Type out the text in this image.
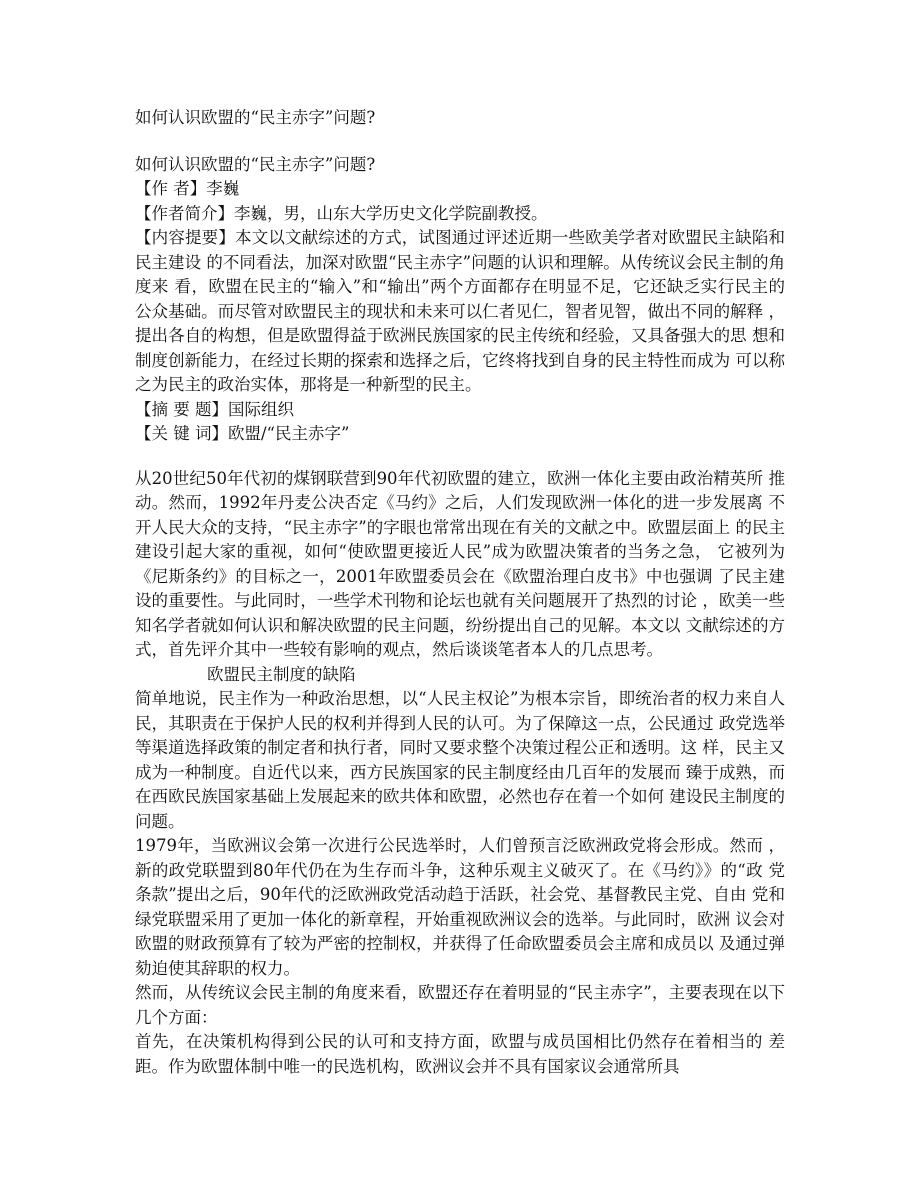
如何认识欧盟的“民主赤字”问题?

如何认识欧盟的“民主赤字”问题?

【作 者】李巍

【作者简介】李巍，男，山东大学历史文化学院副教授。

【内容提要】本文以文献综述的方式，试图通过评述近期一些欧美学者对欧盟民主缺陷和民主建设 的不同看法，加深对欧盟“民主赤字”问题的认识和理解。从传统议会民主制的角度来 看，欧盟在民主的“输入”和“输出”两个方面都存在明显不足，它还缺乏实行民主的 公众基础。而尽管对欧盟民主的现状和未来可以仁者见仁，智者见智，做出不同的解释 ，提出各自的构想，但是欧盟得益于欧洲民族国家的民主传统和经验，又具备强大的思 想和制度创新能力，在经过长期的探索和选择之后，它终将找到自身的民主特性而成为 可以称之为民主的政治实体，那将是一种新型的民主。

【摘 要 题】国际组织

【关 键 词】欧盟/“民主赤字”

从20世纪50年代初的煤钢联营到90年代初欧盟的建立，欧洲一体化主要由政治精英所 推动。然而，1992年丹麦公决否定《马约》之后，人们发现欧洲一体化的进一步发展离 不开人民大众的支持，“民主赤字”的字眼也常常出现在有关的文献之中。欧盟层面上 的民主建设引起大家的重视，如何“使欧盟更接近人民”成为欧盟决策者的当务之急， 它被列为《尼斯条约》的目标之一，2001年欧盟委员会在《欧盟治理白皮书》中也强调 了民主建设的重要性。与此同时，一些学术刊物和论坛也就有关问题展开了热烈的讨论 ，欧美一些知名学者就如何认识和解决欧盟的民主问题，纷纷提出自己的见解。本文以 文献综述的方式，首先评介其中一些较有影响的观点，然后谈谈笔者本人的几点思考。

欧盟民主制度的缺陷

简单地说，民主作为一种政治思想，以“人民主权论”为根本宗旨，即统治者的权力来自人民，其职责在于保护人民的权利并得到人民的认可。为了保障这一点，公民通过 政党选举等渠道选择政策的制定者和执行者，同时又要求整个决策过程公正和透明。这 样，民主又成为一种制度。自近代以来，西方民族国家的民主制度经由几百年的发展而 臻于成熟，而在西欧民族国家基础上发展起来的欧共体和欧盟，必然也存在着一个如何 建设民主制度的问题。

1979年，当欧洲议会第一次进行公民选举时，人们曾预言泛欧洲政党将会形成。然而 ，新的政党联盟到80年代仍在为生存而斗争，这种乐观主义破灭了。在《马约》》的“政 党条款”提出之后，90年代的泛欧洲政党活动趋于活跃，社会党、基督教民主党、自由 党和绿党联盟采用了更加一体化的新章程，开始重视欧洲议会的选举。与此同时，欧洲 议会对欧盟的财政预算有了较为严密的控制权，并获得了任命欧盟委员会主席和成员以 及通过弹劾迫使其辞职的权力。

然而，从传统议会民主制的角度来看，欧盟还存在着明显的“民主赤字”，主要表现在以下几个方面：

首先，在决策机构得到公民的认可和支持方面，欧盟与成员国相比仍然存在着相当的 差距。作为欧盟体制中唯一的民选机构，欧洲议会并不具有国家议会通常所具
